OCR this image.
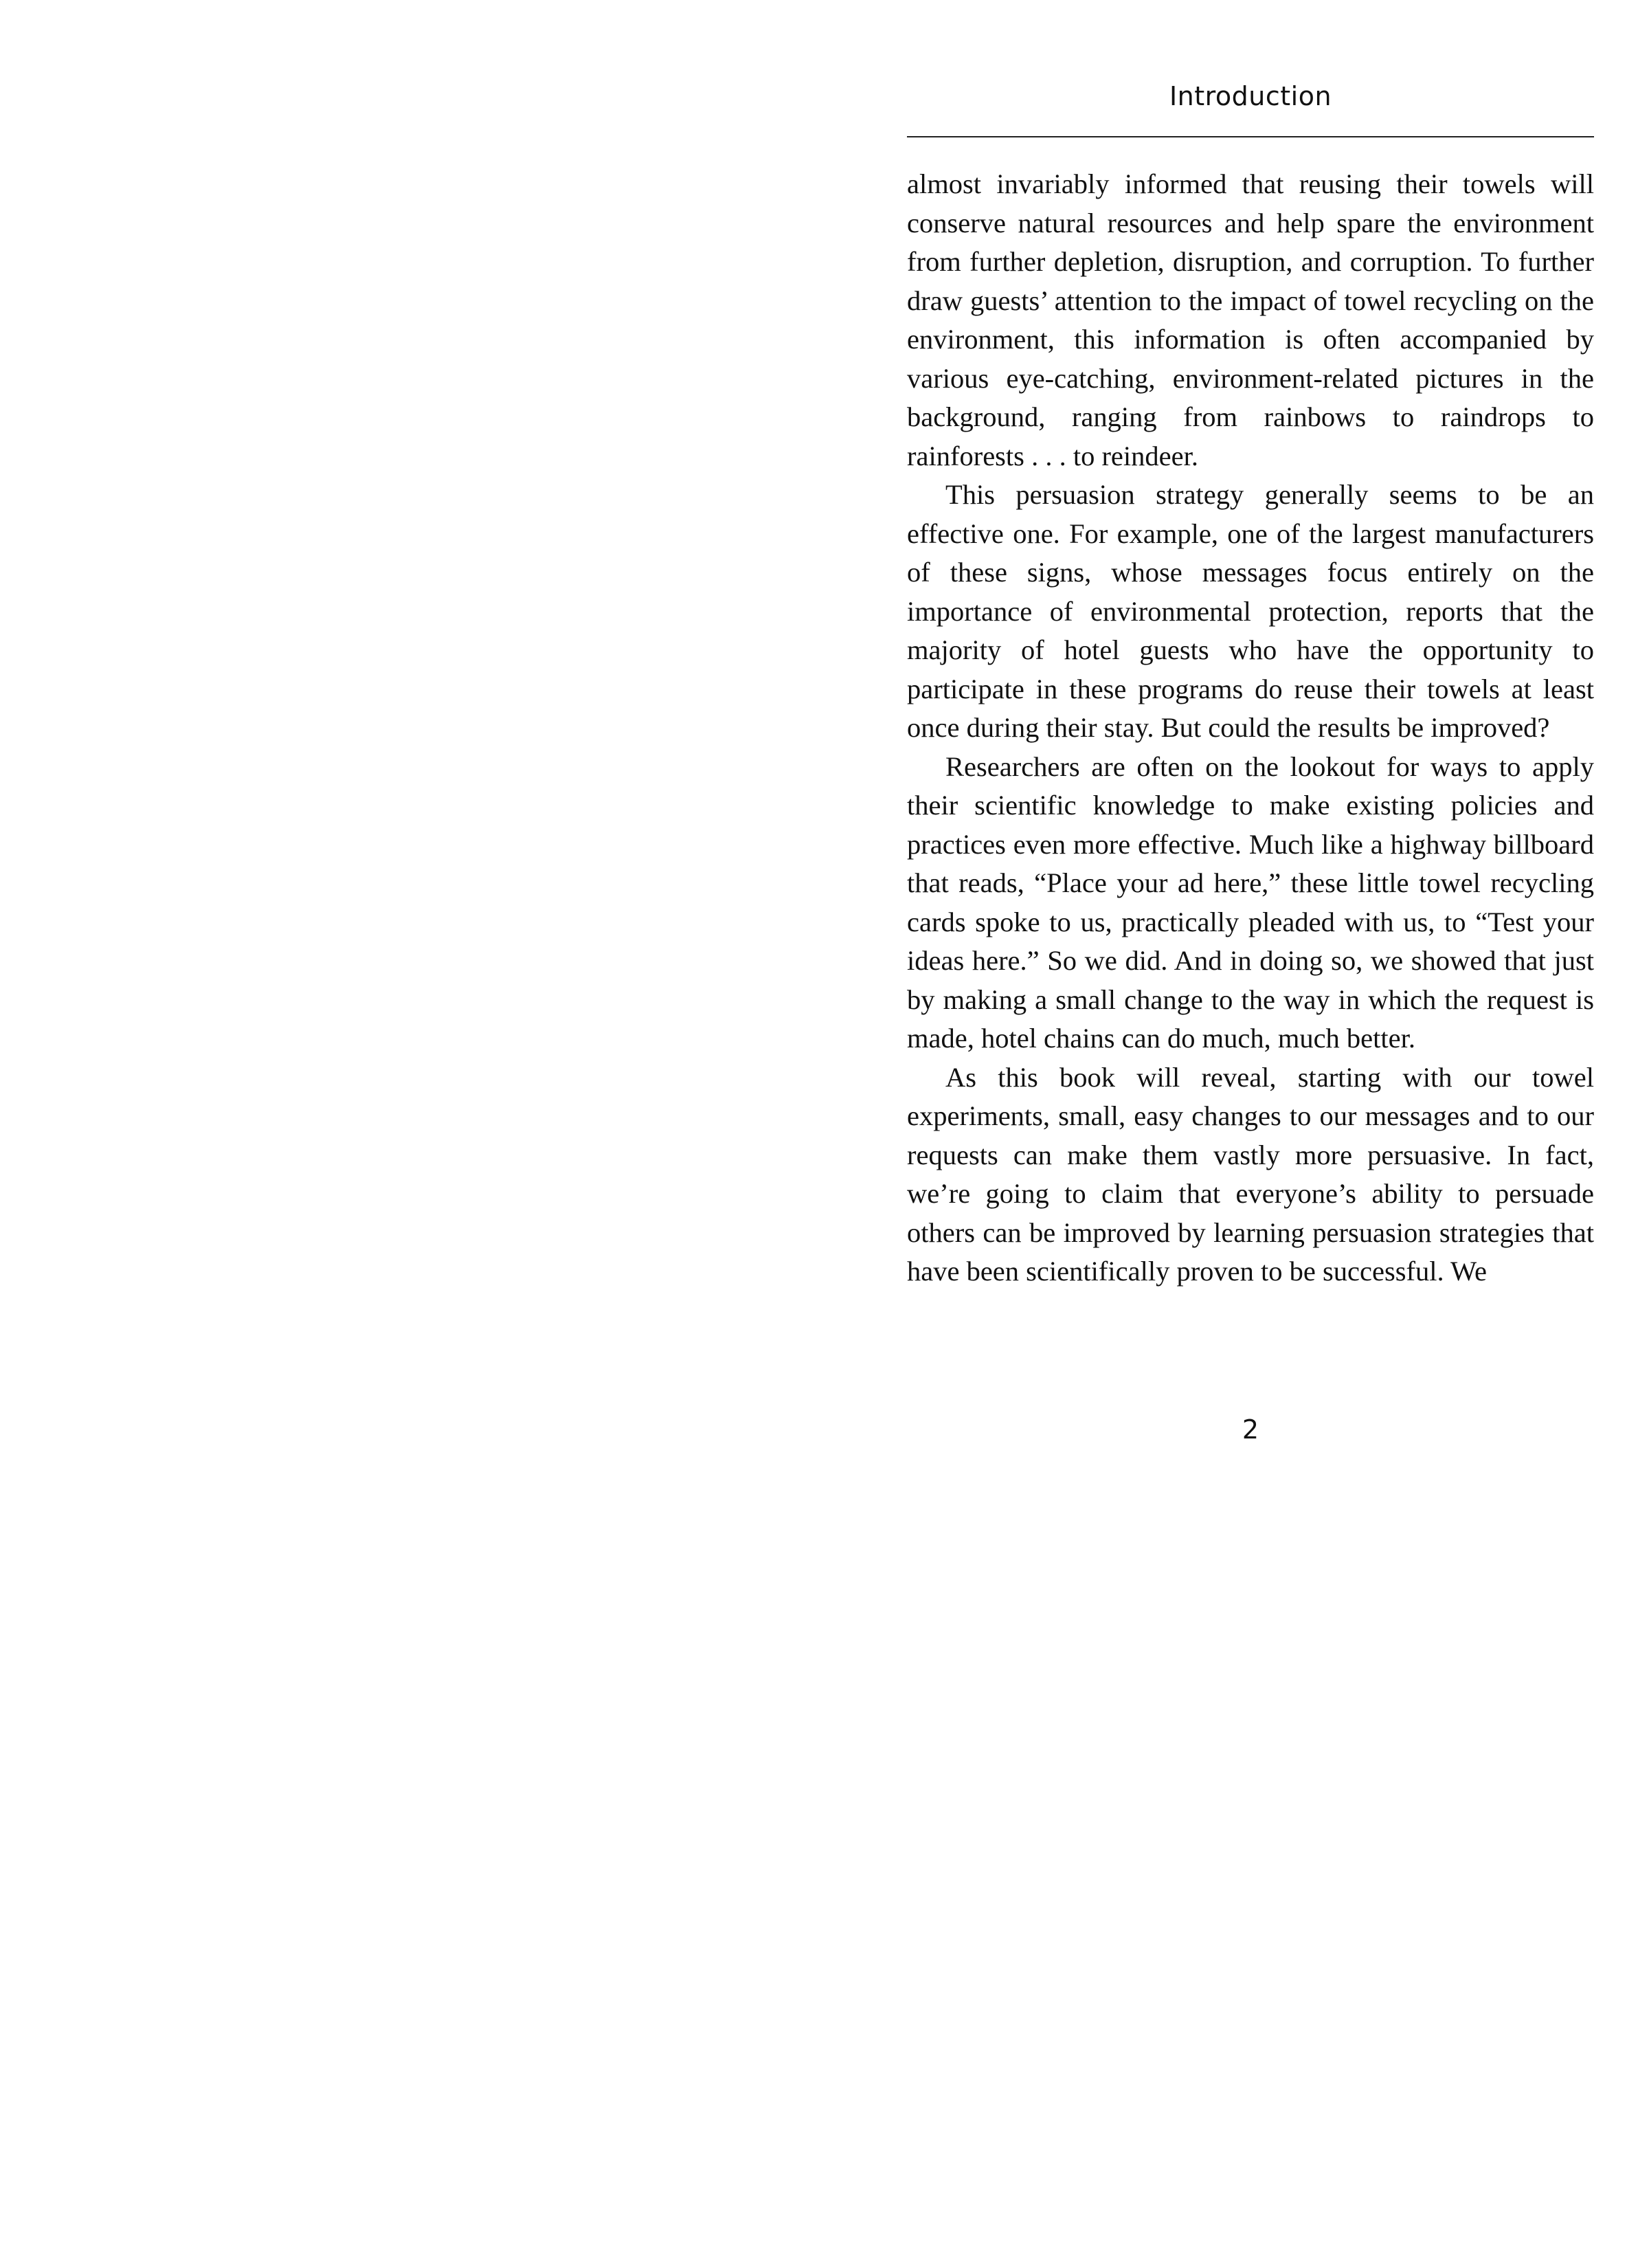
Introduction

almost invariably informed that reusing their towels will conserve natural resources and help spare the environment from further depletion, disruption, and corruption. To further draw guests’ attention to the impact of towel recycling on the environment, this information is often accompanied by various eye-catching, environment-related pictures in the background, ranging from rainbows to raindrops to rainforests . . . to reindeer.

This persuasion strategy generally seems to be an effective one. For example, one of the largest manufacturers of these signs, whose messages focus entirely on the importance of environmental protection, reports that the majority of hotel guests who have the opportunity to participate in these programs do reuse their towels at least once during their stay. But could the results be improved?

Researchers are often on the lookout for ways to apply their scientific knowledge to make existing policies and practices even more effective. Much like a highway billboard that reads, “Place your ad here,” these little towel recycling cards spoke to us, practically pleaded with us, to “Test your ideas here.” So we did. And in doing so, we showed that just by making a small change to the way in which the request is made, hotel chains can do much, much better.

As this book will reveal, starting with our towel experiments, small, easy changes to our messages and to our requests can make them vastly more persuasive. In fact, we’re going to claim that everyone’s ability to persuade others can be improved by learning persuasion strategies that have been scientifically proven to be successful. We

2
